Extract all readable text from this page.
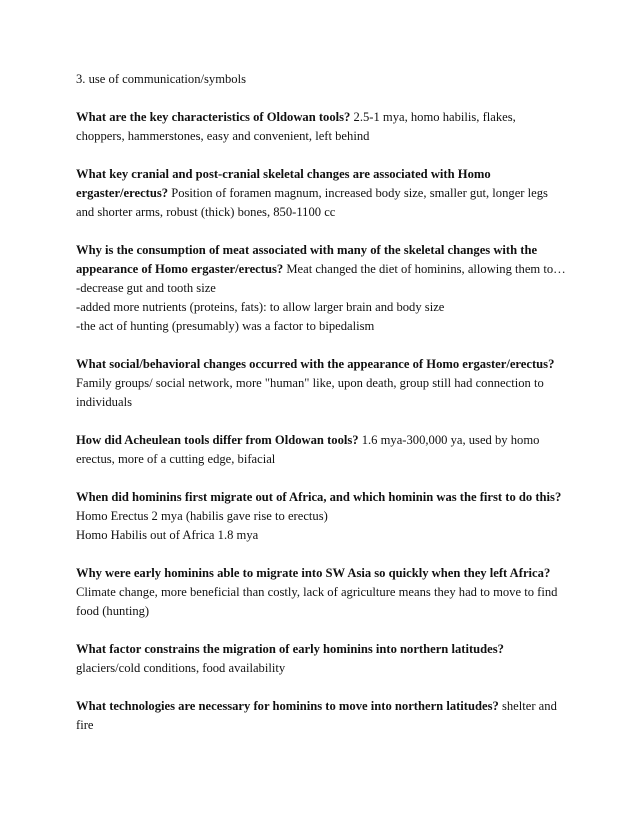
3. use of communication/symbols
What are the key characteristics of Oldowan tools? 2.5-1 mya, homo habilis, flakes, choppers, hammerstones, easy and convenient, left behind
What key cranial and post-cranial skeletal changes are associated with Homo ergaster/erectus? Position of foramen magnum, increased body size, smaller gut, longer legs and shorter arms, robust (thick) bones, 850-1100 cc
Why is the consumption of meat associated with many of the skeletal changes with the appearance of Homo ergaster/erectus? Meat changed the diet of hominins, allowing them to…
-decrease gut and tooth size
-added more nutrients (proteins, fats): to allow larger brain and body size
-the act of hunting (presumably) was a factor to bipedalism
What social/behavioral changes occurred with the appearance of Homo ergaster/erectus? Family groups/ social network, more "human" like, upon death, group still had connection to individuals
How did Acheulean tools differ from Oldowan tools? 1.6 mya-300,000 ya, used by homo erectus, more of a cutting edge, bifacial
When did hominins first migrate out of Africa, and which hominin was the first to do this?
Homo Erectus 2 mya (habilis gave rise to erectus)
Homo Habilis out of Africa 1.8 mya
Why were early hominins able to migrate into SW Asia so quickly when they left Africa?
Climate change, more beneficial than costly, lack of agriculture means they had to move to find food (hunting)
What factor constrains the migration of early hominins into northern latitudes?
glaciers/cold conditions, food availability
What technologies are necessary for hominins to move into northern latitudes? shelter and fire
